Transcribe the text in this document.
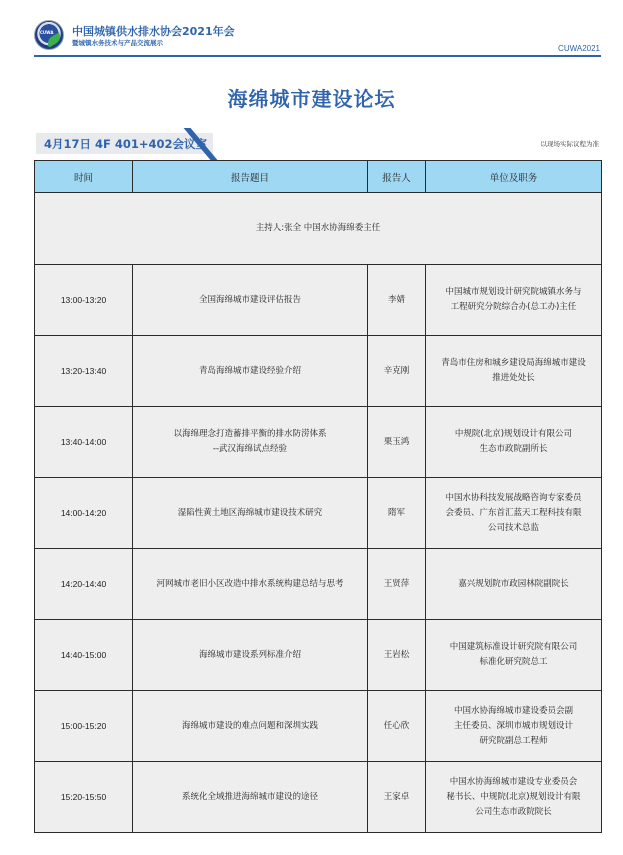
CUWA 中国城镇供水排水协会2021年会
暨城镇水务技术与产品交流展示
CUWA2021
海绵城市建设论坛
4月17日 4F 401+402会议室	以现场实际议程为准
时间	报告题目	报告人	单位及职务
主持人:张全 中国水协海绵委主任			
13:00-13:20	全国海绵城市建设评估报告	李婧	中国城市规划设计研究院城镇水务与
工程研究分院综合办(总工办)主任

13:20-13:40	青岛海绵城市建设经验介绍	辛克刚	青岛市住房和城乡建设局海绵城市建设
推进处处长

13:40-14:00	以海绵理念打造蓄排平衡的排水防涝体系
--武汉海绵试点经验	栗玉鸿	中规院(北京)规划设计有限公司
生态市政院副所长

14:00-14:20	湿陷性黄土地区海绵城市建设技术研究	隋军	中国水协科技发展战略咨询专家委员
会委员、广东首汇蓝天工程科技有限
公司技术总监

14:20-14:40	河网城市老旧小区改造中排水系统构建总结与思考	王贤萍	嘉兴规划院市政园林院副院长

14:40-15:00	海绵城市建设系列标准介绍	王岩松	中国建筑标准设计研究院有限公司
标准化研究院总工

15:00-15:20	海绵城市建设的难点问题和深圳实践	任心欣	中国水协海绵城市建设委员会副
主任委员、深圳市城市规划设计
研究院副总工程师

15:20-15:50	系统化全域推进海绵城市建设的途径	王家卓	中国水协海绵城市建设专业委员会
秘书长、中规院(北京)规划设计有限
公司生态市政院院长
